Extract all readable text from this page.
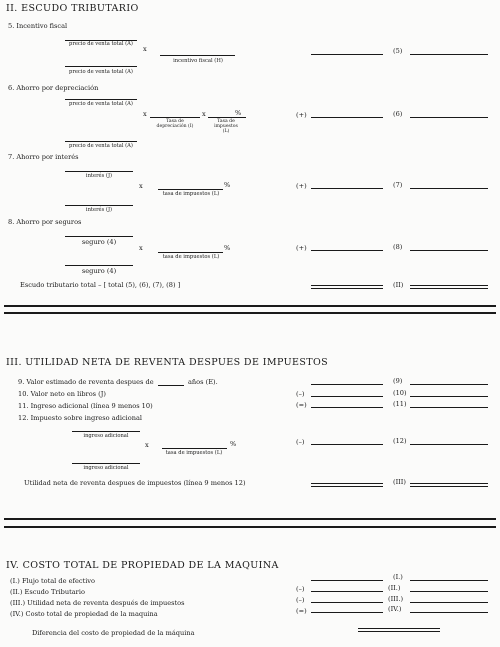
II. ESCUDO TRIBUTARIO
5. Incentivo fiscal
precio de venta total (A)
x
incentivo fiscal (H)
precio de venta total (A)
(5)
6. Ahorro por depreciación
precio de venta total (A)
x
Tasa de
depreciación (I)
x	%
Tasa de
impuestos
(L)
precio de venta total (A)
(+)	(6)
7. Ahorro por interés
interés (J)
x	%
tasa de impuestos (L)
interés (J)
(+)	(7)
8. Ahorro por seguros
seguro (4)
x	%
tasa de impuestos (L)
seguro (4)
(+)	(8)
Escudo tributario total – [ total (5), (6), (7), (8) ]	(II)
III. UTILIDAD NETA DE REVENTA DESPUES DE IMPUESTOS
9. Valor estimado de reventa despues de	años (E).	(9)
10. Valor neto en libros (J)	(–)	(10)
11. Ingreso adicional (línea 9 menos 10)	(=)	(11)
12. Impuesto sobre ingreso adicional
ingreso adicional
x	%
tasa de impuestos (L)
ingreso adicional
(–)	(12)
Utilidad neta de reventa despues de impuestos (línea 9 menos 12)	(III)
IV. COSTO TOTAL DE PROPIEDAD DE LA MAQUINA
(I.) Flujo total de efectivo	(I.)
(II.) Escudo Tributario	(–)	(II.)
(III.) Utilidad neta de reventa después de impuestos	(–)	(III.)
(IV.) Costo total de propiedad de la maquina	(=)	(IV.)
Diferencia del costo de propiedad de la máquina
